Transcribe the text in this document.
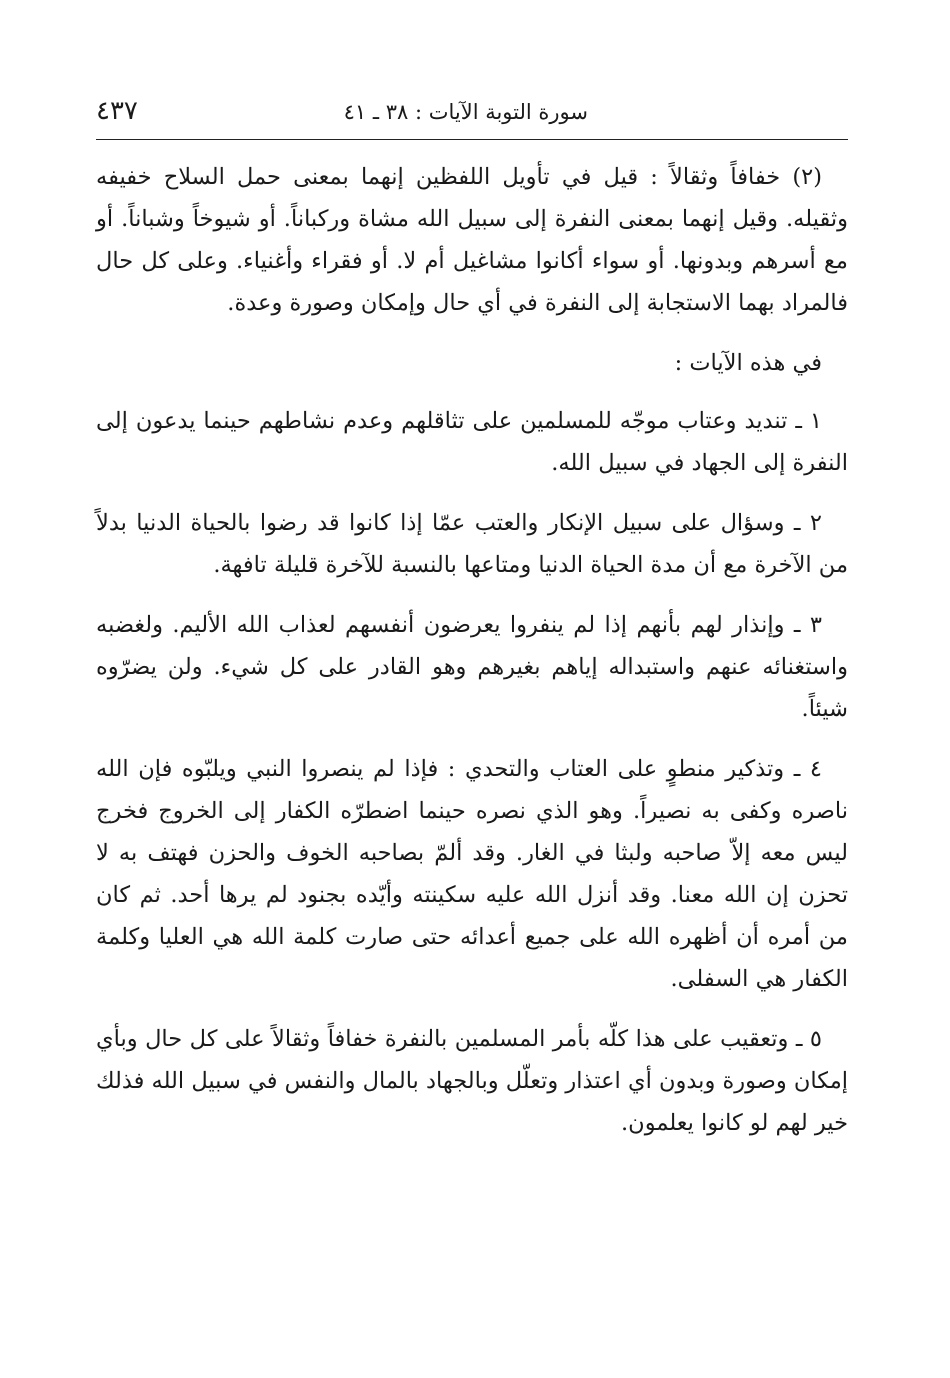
سورة التوبة الآيات : ٣٨ ـ ٤١
٤٣٧

(٢) خفافاً وثقالاً : قيل في تأويل اللفظين إنهما بمعنى حمل السلاح خفيفه وثقيله. وقيل إنهما بمعنى النفرة إلى سبيل الله مشاة وركباناً. أو شيوخاً وشباناً. أو مع أسرهم وبدونها. أو سواء أكانوا مشاغيل أم لا. أو فقراء وأغنياء. وعلى كل حال فالمراد بهما الاستجابة إلى النفرة في أي حال وإمكان وصورة وعدة.

في هذه الآيات :

١ ـ تنديد وعتاب موجّه للمسلمين على تثاقلهم وعدم نشاطهم حينما يدعون إلى النفرة إلى الجهاد في سبيل الله.

٢ ـ وسؤال على سبيل الإنكار والعتب عمّا إذا كانوا قد رضوا بالحياة الدنيا بدلاً من الآخرة مع أن مدة الحياة الدنيا ومتاعها بالنسبة للآخرة قليلة تافهة.

٣ ـ وإنذار لهم بأنهم إذا لم ينفروا يعرضون أنفسهم لعذاب الله الأليم. ولغضبه واستغنائه عنهم واستبداله إياهم بغيرهم وهو القادر على كل شيء. ولن يضرّوه شيئاً.

٤ ـ وتذكير منطوٍ على العتاب والتحدي : فإذا لم ينصروا النبي ويلبّوه فإن الله ناصره وكفى به نصيراً. وهو الذي نصره حينما اضطرّه الكفار إلى الخروج فخرج ليس معه إلاّ صاحبه ولبثا في الغار. وقد ألمّ بصاحبه الخوف والحزن فهتف به لا تحزن إن الله معنا. وقد أنزل الله عليه سكينته وأيّده بجنود لم يرها أحد. ثم كان من أمره أن أظهره الله على جميع أعدائه حتى صارت كلمة الله هي العليا وكلمة الكفار هي السفلى.

٥ ـ وتعقيب على هذا كلّه بأمر المسلمين بالنفرة خفافاً وثقالاً على كل حال وبأي إمكان وصورة وبدون أي اعتذار وتعلّل وبالجهاد بالمال والنفس في سبيل الله فذلك خير لهم لو كانوا يعلمون.
